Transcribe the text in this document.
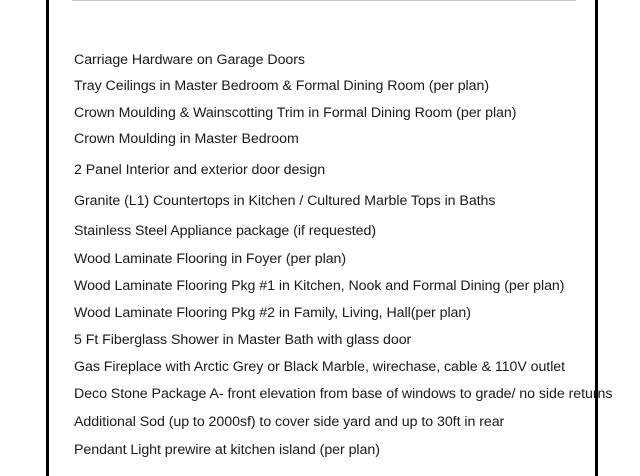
Carriage Hardware on Garage Doors
Tray Ceilings in Master Bedroom & Formal Dining Room (per plan)
Crown Moulding & Wainscotting Trim in Formal Dining Room (per plan)
Crown Moulding in Master Bedroom
2 Panel Interior and exterior door design
Granite (L1) Countertops in Kitchen / Cultured Marble Tops in Baths
Stainless Steel Appliance package (if requested)
Wood Laminate Flooring in Foyer (per plan)
Wood Laminate Flooring Pkg #1 in Kitchen, Nook and Formal Dining (per plan)
Wood Laminate Flooring Pkg #2 in Family, Living, Hall(per plan)
5 Ft Fiberglass Shower in Master Bath with glass door
Gas Fireplace with Arctic Grey or Black Marble, wirechase, cable & 110V outlet
Deco Stone Package A- front elevation from base of windows to grade/ no side returns
Additional Sod (up to 2000sf) to cover side yard and up to 30ft in rear
Pendant Light prewire at kitchen island (per plan)
